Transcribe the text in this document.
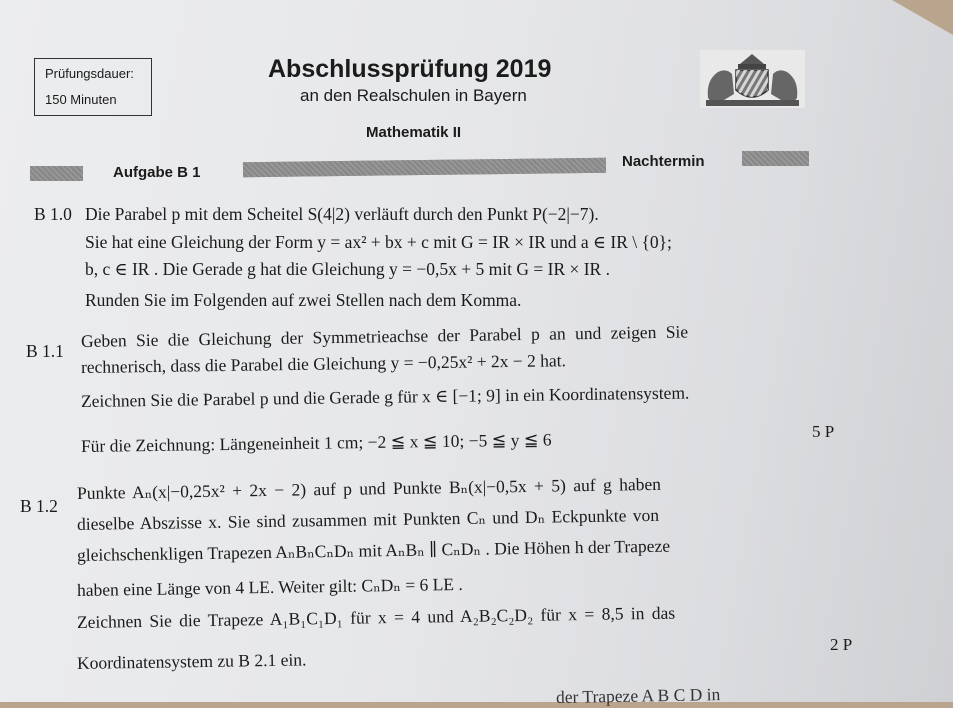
Prüfungsdauer:
150 Minuten
Abschlussprüfung 2019
an den Realschulen in Bayern
Mathematik II
Aufgabe B 1
Nachtermin
B 1.0 Die Parabel p mit dem Scheitel S(4|2) verläuft durch den Punkt P(−2|−7).
Sie hat eine Gleichung der Form y = ax² + bx + c mit G = IR × IR und a ∈ IR \ {0};
b, c ∈ IR . Die Gerade g hat die Gleichung y = −0,5x + 5 mit G = IR × IR .
Runden Sie im Folgenden auf zwei Stellen nach dem Komma.
B 1.1
Geben Sie die Gleichung der Symmetrieachse der Parabel p an und zeigen Sie
rechnerisch, dass die Parabel die Gleichung y = −0,25x² + 2x − 2 hat.
Zeichnen Sie die Parabel p und die Gerade g für x ∈ [−1; 9] in ein Koordinatensystem.
Für die Zeichnung: Längeneinheit 1 cm; −2 ≦ x ≦ 10; −5 ≦ y ≦ 6	5 P
B 1.2
Punkte Aₙ(x|−0,25x² + 2x − 2) auf p und Punkte Bₙ(x|−0,5x + 5) auf g haben
dieselbe Abszisse x. Sie sind zusammen mit Punkten Cₙ und Dₙ Eckpunkte von
gleichschenkligen Trapezen AₙBₙCₙDₙ mit AₙBₙ ∥ CₙDₙ . Die Höhen h der Trapeze
haben eine Länge von 4 LE. Weiter gilt: CₙDₙ = 6 LE .
Zeichnen Sie die Trapeze A₁B₁C₁D₁ für x = 4 und A₂B₂C₂D₂ für x = 8,5 in das
Koordinatensystem zu B 2.1 ein.
2 P
der Trapeze A B C D in
